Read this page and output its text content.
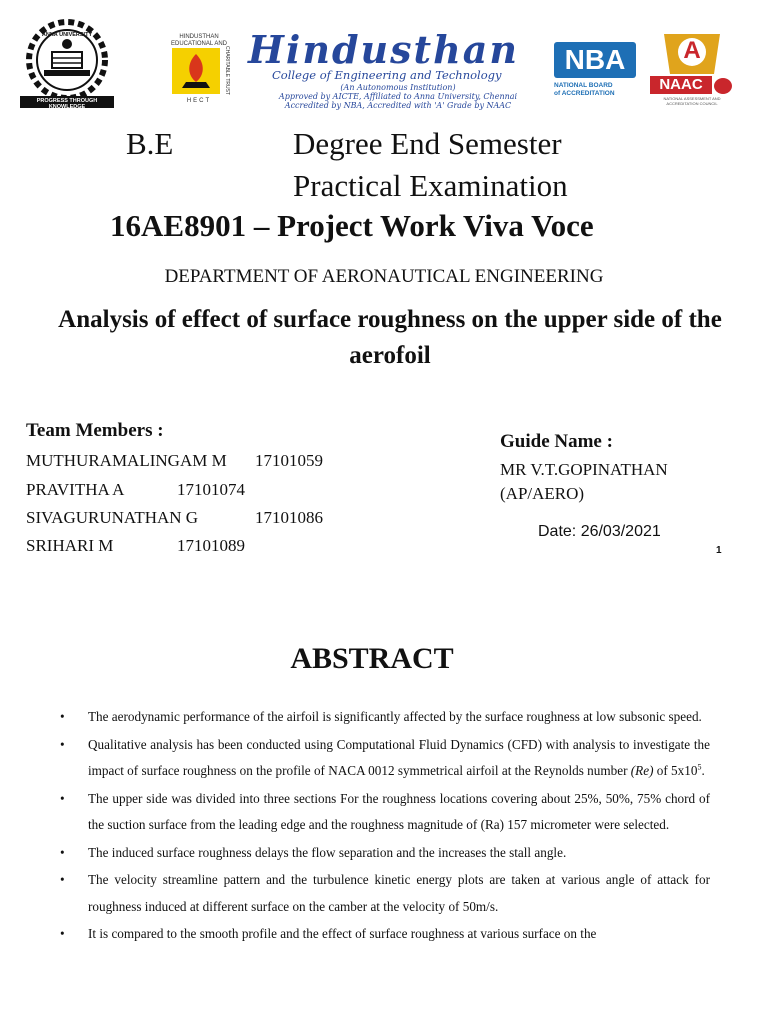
PROGRESS THROUGH KNOWLEDGE
ANNA UNIVERSITY	HINDUSTHAN EDUCATIONAL AND
CHARITABLE TRUST
HECT
Hindusthan
College of Engineering and Technology
(An Autonomous Institution)
Approved by AICTE, Affiliated to Anna University, Chennai
Accredited by NBA, Accredited with 'A' Grade by NAAC
NBA
NATIONAL BOARD
of ACCREDITATION
A
NAAC
NATIONAL ASSESSMENT AND ACCREDITATION COUNCIL
B.E	Degree End Semester
Practical Examination
16AE8901 – Project Work Viva Voce
DEPARTMENT OF AERONAUTICAL ENGINEERING
Analysis of effect of surface roughness on the upper side of the aerofoil
Team Members :
MUTHURAMALINGAM M 17101059
PRAVITHA A	17101074
SIVAGURUNATHAN G	17101086
SRIHARI M	17101089
Guide Name :
MR V.T.GOPINATHAN
(AP/AERO)
Date: 26/03/2021
1
ABSTRACT
• The aerodynamic performance of the airfoil is significantly affected by the surface roughness at low subsonic speed.
• Qualitative analysis has been conducted using Computational Fluid Dynamics (CFD) with analysis to investigate the impact of surface roughness on the profile of NACA 0012 symmetrical airfoil at the Reynolds number (Re) of $5x10^5$.
• The upper side was divided into three sections For the roughness locations covering about 25%, 50%, 75% chord of the suction surface from the leading edge and the roughness magnitude of (Ra) 157 micrometer were selected.
• The induced surface roughness delays the flow separation and the increases the stall angle.
• The velocity streamline pattern and the turbulence kinetic energy plots are taken at various angle of attack for roughness induced at different surface on the camber at the velocity of 50m/s.
• It is compared to the smooth profile and the effect of surface roughness at various surface on the
